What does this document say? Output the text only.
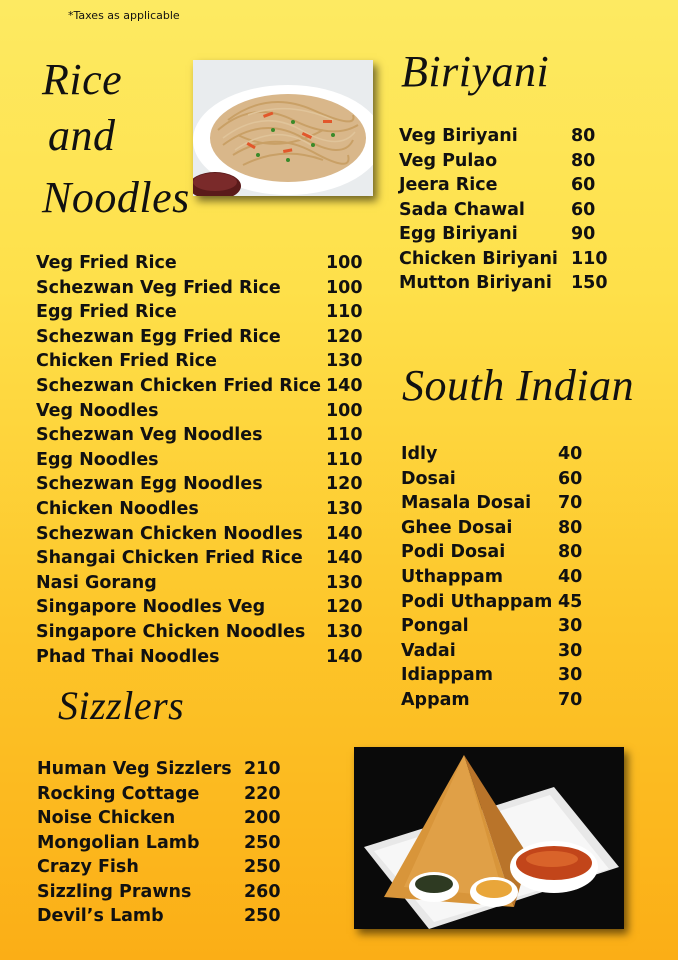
*Taxes as applicable
Rice
and
Noodles
Veg Fried Rice	100
Schezwan Veg Fried Rice	100
Egg Fried Rice	110
Schezwan Egg Fried Rice	120
Chicken Fried Rice	130
Schezwan Chicken Fried Rice 140
Veg Noodles	100
Schezwan Veg Noodles	110
Egg Noodles	110
Schezwan Egg Noodles	120
Chicken Noodles	130
Schezwan Chicken Noodles 140
Shangai Chicken Fried Rice 140
Nasi Gorang	130
Singapore Noodles Veg	120
Singapore Chicken Noodles 130
Phad Thai Noodles	140
Sizzlers
Human Veg Sizzlers 210
Rocking Cottage	220
Noise Chicken	200
Mongolian Lamb	250
Crazy Fish	250
Sizzling Prawns	260
Devil’s Lamb	250
Biriyani
Veg Biriyani	80
Veg Pulao	80
Jeera Rice	60
Sada Chawal	60
Egg Biriyani	90
Chicken Biriyani 110
Mutton Biriyani 150
South Indian
Idly	40
Dosai	60
Masala Dosai 70
Ghee Dosai	80
Podi Dosai	80
Uthappam	40
Podi Uthappam 45
Pongal	30
Vadai	30
Idiappam	30
Appam	70
